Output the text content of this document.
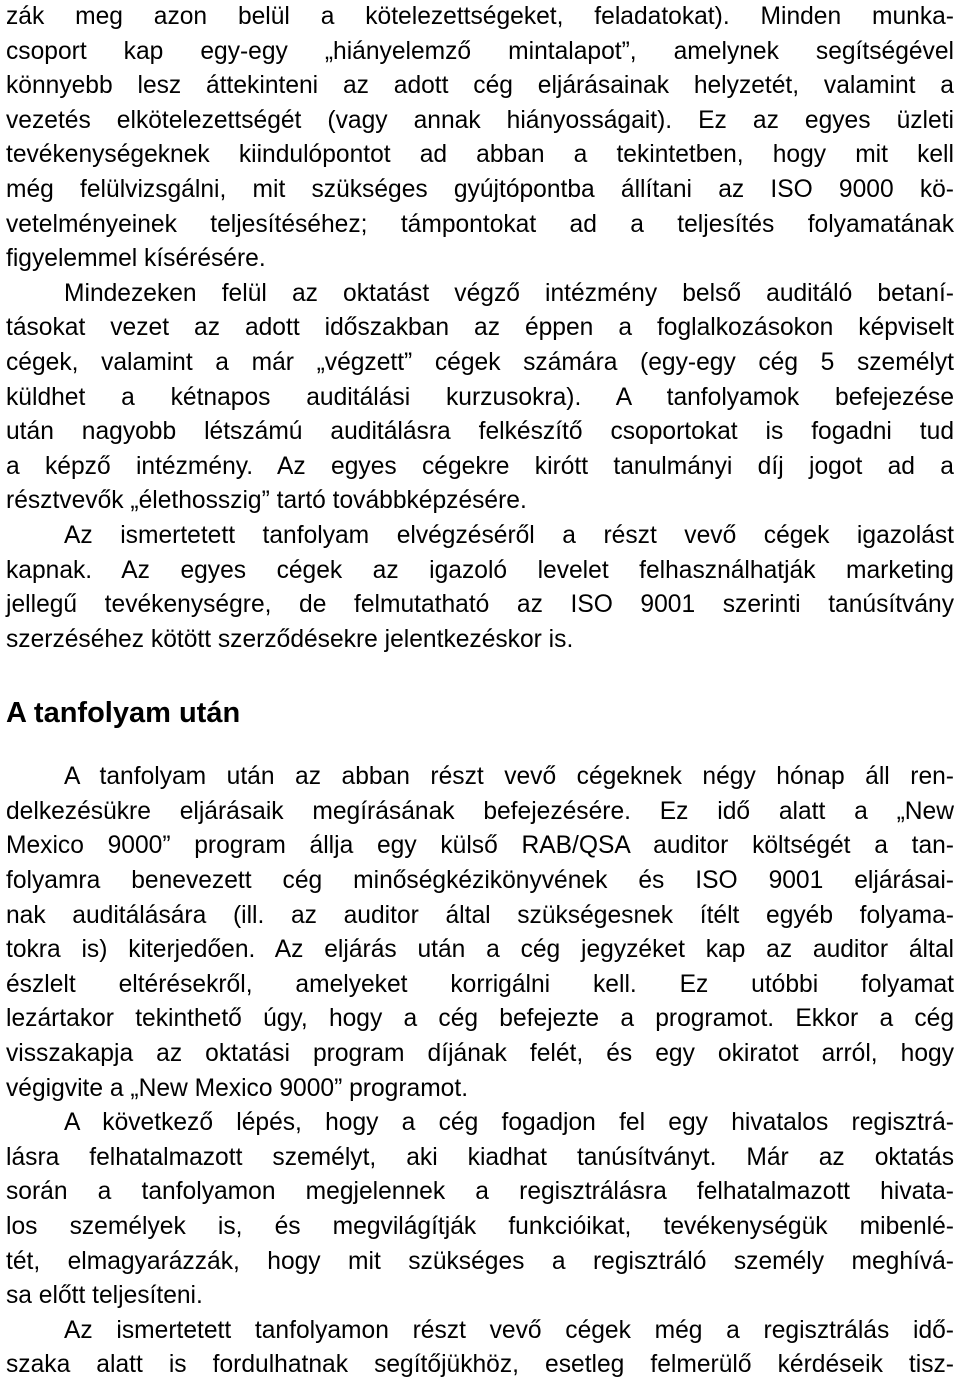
zák meg azon belül a kötelezettségeket, feladatokat). Minden munka-
csoport kap egy-egy „hiányelemző mintalapot”, amelynek segítségével
könnyebb lesz áttekinteni az adott cég eljárásainak helyzetét, valamint a
vezetés elkötelezettségét (vagy annak hiányosságait). Ez az egyes üzleti
tevékenységeknek kiindulópontot ad abban a tekintetben, hogy mit kell
még felülvizsgálni, mit szükséges gyújtópontba állítani az ISO 9000 kö-
vetelményeinek teljesítéséhez; támpontokat ad a teljesítés folyamatának
figyelemmel kísérésére.
Mindezeken felül az oktatást végző intézmény belső auditáló betaní-
tásokat vezet az adott időszakban az éppen a foglalkozásokon képviselt
cégek, valamint a már „végzett” cégek számára (egy-egy cég 5 személyt
küldhet a kétnapos auditálási kurzusokra). A tanfolyamok befejezése
után nagyobb létszámú auditálásra felkészítő csoportokat is fogadni tud
a képző intézmény. Az egyes cégekre kirótt tanulmányi díj jogot ad a
résztvevők „élethosszig” tartó továbbképzésére.
Az ismertetett tanfolyam elvégzéséről a részt vevő cégek igazolást
kapnak. Az egyes cégek az igazoló levelet felhasználhatják marketing
jellegű tevékenységre, de felmutatható az ISO 9001 szerinti tanúsítvány
szerzéséhez kötött szerződésekre jelentkezéskor is.
A tanfolyam után
A tanfolyam után az abban részt vevő cégeknek négy hónap áll ren-
delkezésükre eljárásaik megírásának befejezésére. Ez idő alatt a „New
Mexico 9000” program állja egy külső RAB/QSA auditor költségét a tan-
folyamra benevezett cég minőségkézikönyvének és ISO 9001 eljárásai-
nak auditálására (ill. az auditor által szükségesnek ítélt egyéb folyama-
tokra is) kiterjedően. Az eljárás után a cég jegyzéket kap az auditor által
észlelt eltérésekről, amelyeket korrigálni kell. Ez utóbbi folyamat
lezártakor tekinthető úgy, hogy a cég befejezte a programot. Ekkor a cég
visszakapja az oktatási program díjának felét, és egy okiratot arról, hogy
végigvite a „New Mexico 9000” programot.
A következő lépés, hogy a cég fogadjon fel egy hivatalos regisztrá-
lásra felhatalmazott személyt, aki kiadhat tanúsítványt. Már az oktatás
során a tanfolyamon megjelennek a regisztrálásra felhatalmazott hivata-
los személyek is, és megvilágítják funkcióikat, tevékenységük mibenlé-
tét, elmagyarázzák, hogy mit szükséges a regisztráló személy meghívá-
sa előtt teljesíteni.
Az ismertetett tanfolyamon részt vevő cégek még a regisztrálás idő-
szaka alatt is fordulhatnak segítőjükhöz, esetleg felmerülő kérdéseik tisz-
